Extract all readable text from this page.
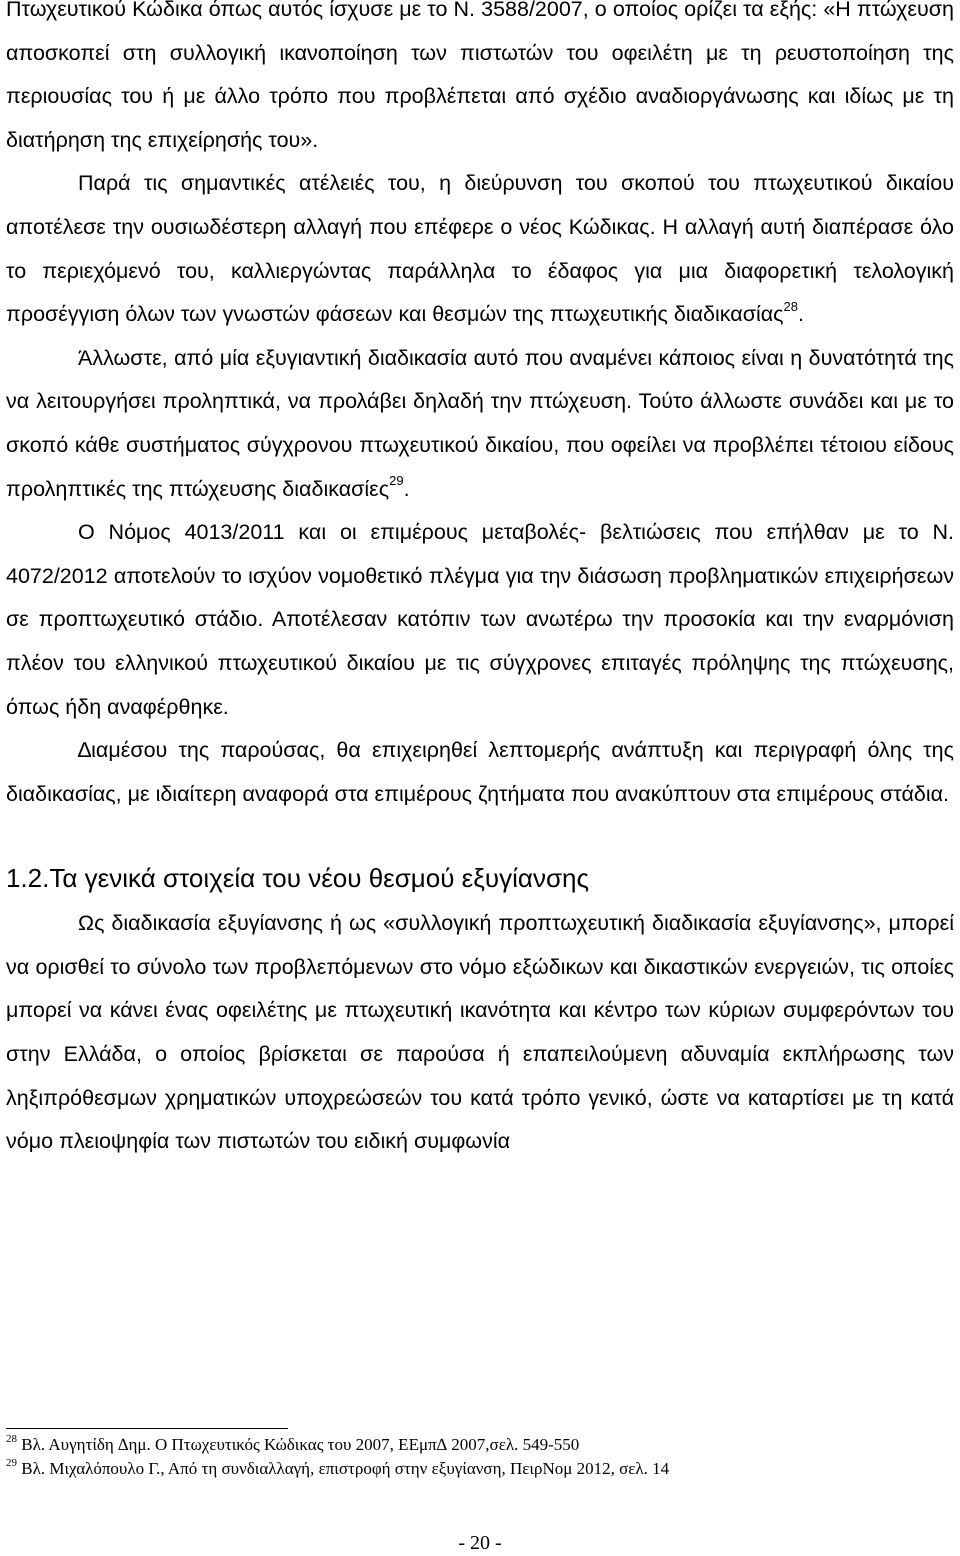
Πτωχευτικού Κώδικα όπως αυτός ίσχυσε με το Ν. 3588/2007, ο οποίος ορίζει τα εξής: «Η πτώχευση αποσκοπεί στη συλλογική ικανοποίηση των πιστωτών του οφειλέτη με τη ρευστοποίηση της περιουσίας του ή με άλλο τρόπο που προβλέπεται από σχέδιο αναδιοργάνωσης και ιδίως με τη διατήρηση της επιχείρησής του».

Παρά τις σημαντικές ατέλειές του, η διεύρυνση του σκοπού του πτωχευτικού δικαίου αποτέλεσε την ουσιωδέστερη αλλαγή που επέφερε ο νέος Κώδικας. Η αλλαγή αυτή διαπέρασε όλο το περιεχόμενό του, καλλιεργώντας παράλληλα το έδαφος για μια διαφορετική τελολογική προσέγγιση όλων των γνωστών φάσεων και θεσμών της πτωχευτικής διαδικασίας$^{28}$.

Άλλωστε, από μία εξυγιαντική διαδικασία αυτό που αναμένει κάποιος είναι η δυνατότητά της να λειτουργήσει προληπτικά, να προλάβει δηλαδή την πτώχευση. Τούτο άλλωστε συνάδει και με το σκοπό κάθε συστήματος σύγχρονου πτωχευτικού δικαίου, που οφείλει να προβλέπει τέτοιου είδους προληπτικές της πτώχευσης διαδικασίες$^{29}$.

Ο Νόμος 4013/2011 και οι επιμέρους μεταβολές- βελτιώσεις που επήλθαν με το Ν. 4072/2012 αποτελούν το ισχύον νομοθετικό πλέγμα για την διάσωση προβληματικών επιχειρήσεων σε προπτωχευτικό στάδιο. Αποτέλεσαν κατόπιν των ανωτέρω την προσοκία και την εναρμόνιση πλέον του ελληνικού πτωχευτικού δικαίου με τις σύγχρονες επιταγές πρόληψης της πτώχευσης, όπως ήδη αναφέρθηκε.

∆ιαμέσου της παρούσας, θα επιχειρηθεί λεπτομερής ανάπτυξη και περιγραφή όλης της διαδικασίας, με ιδιαίτερη αναφορά στα επιμέρους ζητήματα που ανακύπτουν στα επιμέρους στάδια.

1.2.Τα γενικά στοιχεία του νέου θεσμού εξυγίανσης

Ως διαδικασία εξυγίανσης ή ως «συλλογική προπτωχευτική διαδικασία εξυγίανσης», μπορεί να ορισθεί το σύνολο των προβλεπόμενων στο νόμο εξώδικων και δικαστικών ενεργειών, τις οποίες μπορεί να κάνει ένας οφειλέτης με πτωχευτική ικανότητα και κέντρο των κύριων συμφερόντων του στην Ελλάδα, ο οποίος βρίσκεται σε παρούσα ή επαπειλούμενη αδυναμία εκπλήρωσης των ληξιπρόθεσμων χρηματικών υποχρεώσεών του κατά τρόπο γενικό, ώστε να καταρτίσει με τη κατά νόμο πλειοψηφία των πιστωτών του ειδική συμφωνία

$^{28}$ Βλ. Αυγητίδη ∆ημ. Ο Πτωχευτικός Κώδικας του 2007, ΕΕμπ∆ 2007,σελ. 549-550

$^{29}$ Βλ. Μιχαλόπουλο Γ., Από τη συνδιαλλαγή, επιστροφή στην εξυγίανση, ΠειρΝομ 2012, σελ. 14

- 20 -
